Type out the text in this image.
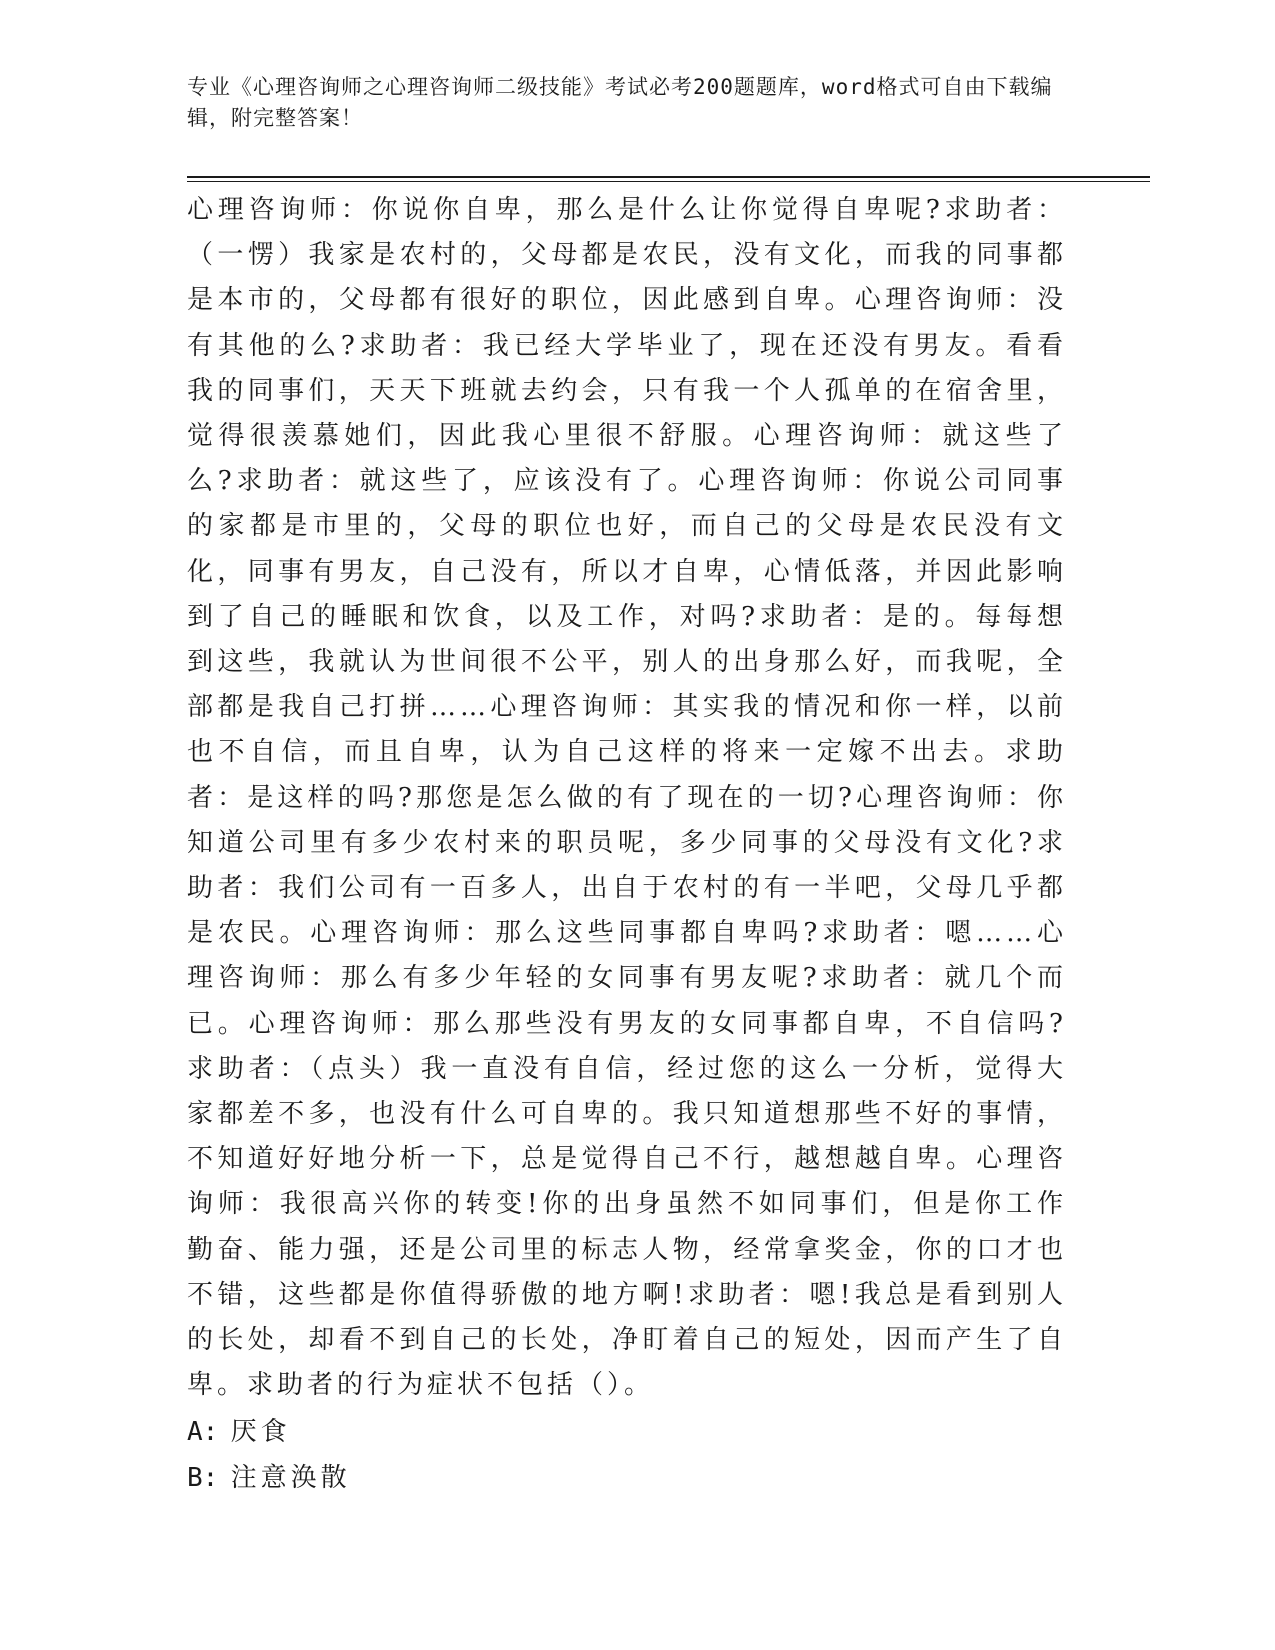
专业《心理咨询师之心理咨询师二级技能》考试必考200题题库，word格式可自由下载编辑，附完整答案！

心理咨询师：你说你自卑，那么是什么让你觉得自卑呢?求助者：（一愣）我家是农村的，父母都是农民，没有文化，而我的同事都是本市的，父母都有很好的职位，因此感到自卑。心理咨询师：没有其他的么?求助者：我已经大学毕业了，现在还没有男友。看看我的同事们，天天下班就去约会，只有我一个人孤单的在宿舍里，觉得很羡慕她们，因此我心里很不舒服。心理咨询师：就这些了么?求助者：就这些了，应该没有了。心理咨询师：你说公司同事的家都是市里的，父母的职位也好，而自己的父母是农民没有文化，同事有男友，自己没有，所以才自卑，心情低落，并因此影响到了自己的睡眠和饮食，以及工作，对吗?求助者：是的。每每想到这些，我就认为世间很不公平，别人的出身那么好，而我呢，全部都是我自己打拼……心理咨询师：其实我的情况和你一样，以前也不自信，而且自卑，认为自己这样的将来一定嫁不出去。求助者：是这样的吗?那您是怎么做的有了现在的一切?心理咨询师：你知道公司里有多少农村来的职员呢，多少同事的父母没有文化?求助者：我们公司有一百多人，出自于农村的有一半吧，父母几乎都是农民。心理咨询师：那么这些同事都自卑吗?求助者：嗯……心理咨询师：那么有多少年轻的女同事有男友呢?求助者：就几个而已。心理咨询师：那么那些没有男友的女同事都自卑，不自信吗?求助者：（点头）我一直没有自信，经过您的这么一分析，觉得大家都差不多，也没有什么可自卑的。我只知道想那些不好的事情，不知道好好地分析一下，总是觉得自己不行，越想越自卑。心理咨询师：我很高兴你的转变!你的出身虽然不如同事们，但是你工作勤奋、能力强，还是公司里的标志人物，经常拿奖金，你的口才也不错，这些都是你值得骄傲的地方啊!求助者：嗯!我总是看到别人的长处，却看不到自己的长处，净盯着自己的短处，因而产生了自卑。求助者的行为症状不包括（）。

A: 厌食

B: 注意涣散
